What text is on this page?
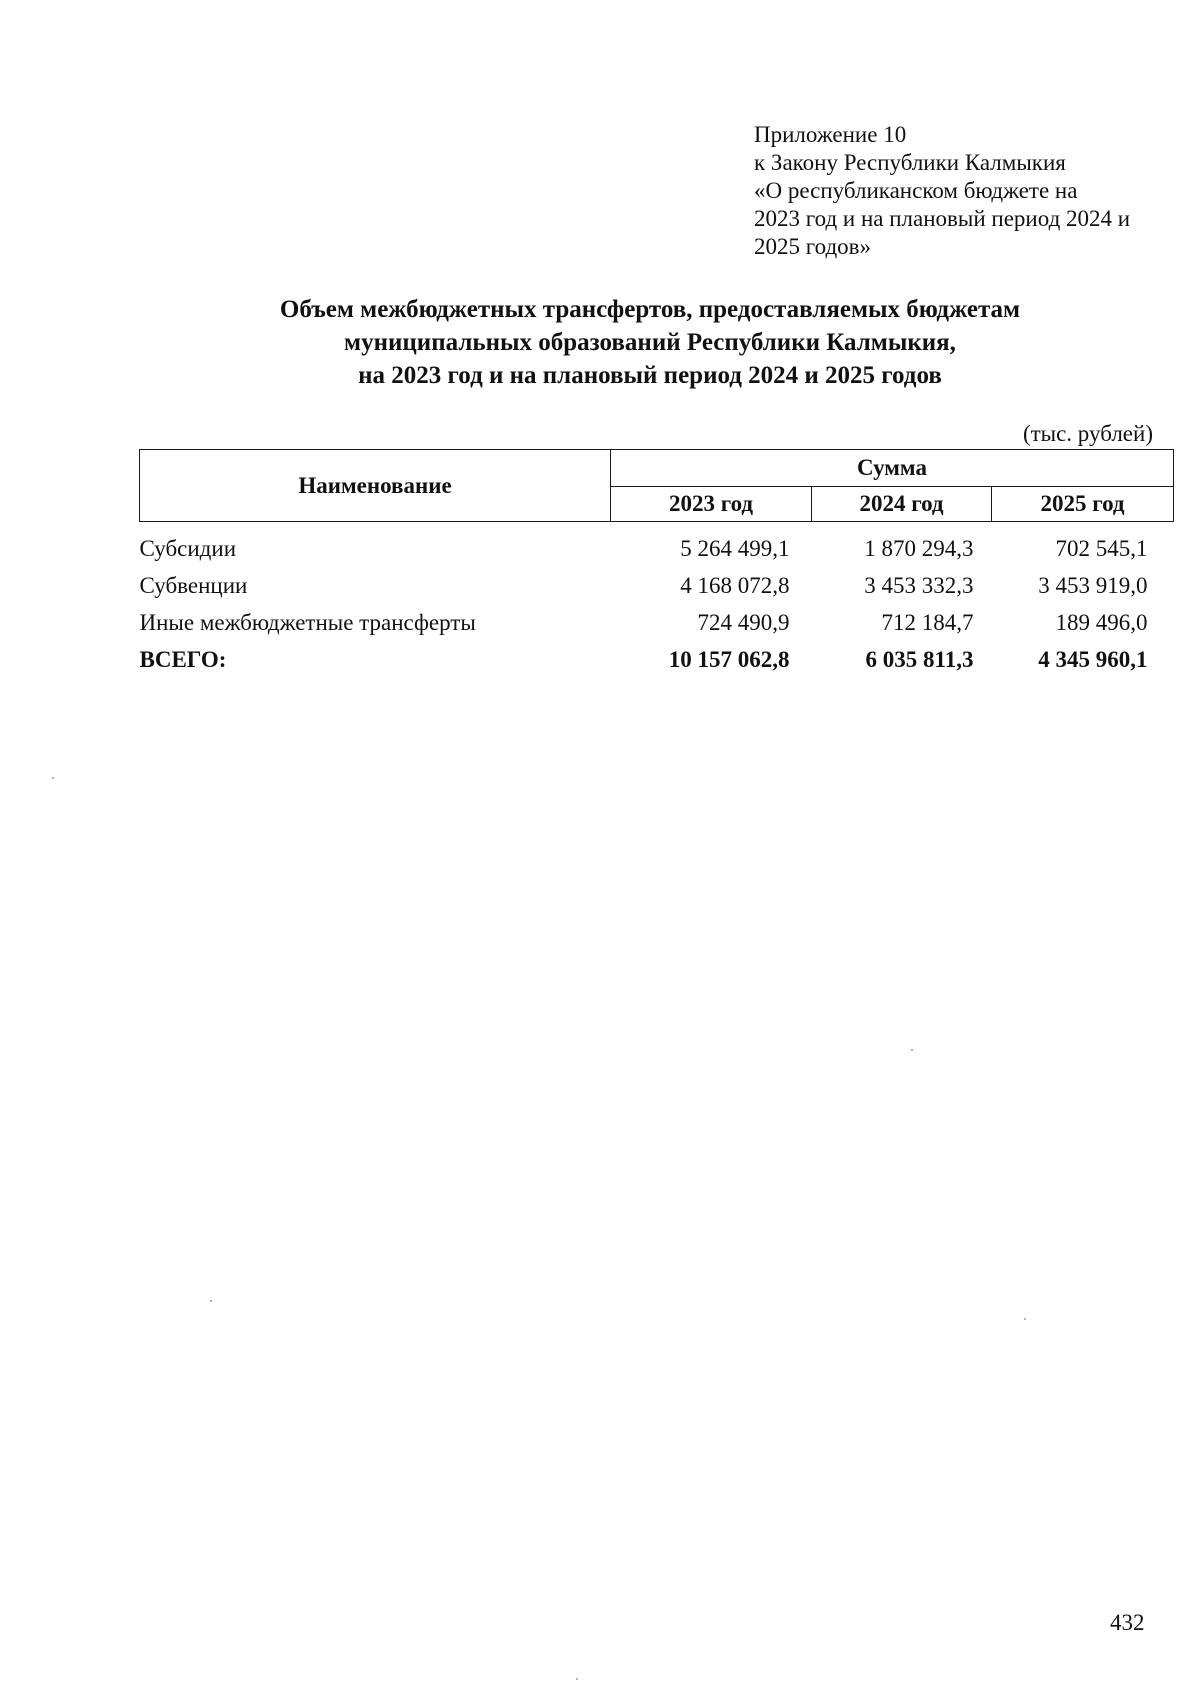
Приложение 10
к Закону Республики Калмыкия
«О республиканском бюджете на
2023 год и на плановый период 2024 и
2025 годов»
Объем межбюджетных трансфертов, предоставляемых бюджетам
муниципальных образований Республики Калмыкия,
на 2023 год и на плановый период 2024 и 2025 годов
(тыс. рублей)
Наименование	Сумма		
	2023 год	2024 год	2025 год
Субсидии	5 264 499,1	1 870 294,3	702 545,1
Субвенции	4 168 072,8	3 453 332,3	3 453 919,0
Иные межбюджетные трансферты	724 490,9	712 184,7	189 496,0
ВСЕГО:	10 157 062,8	6 035 811,3	4 345 960,1
432
